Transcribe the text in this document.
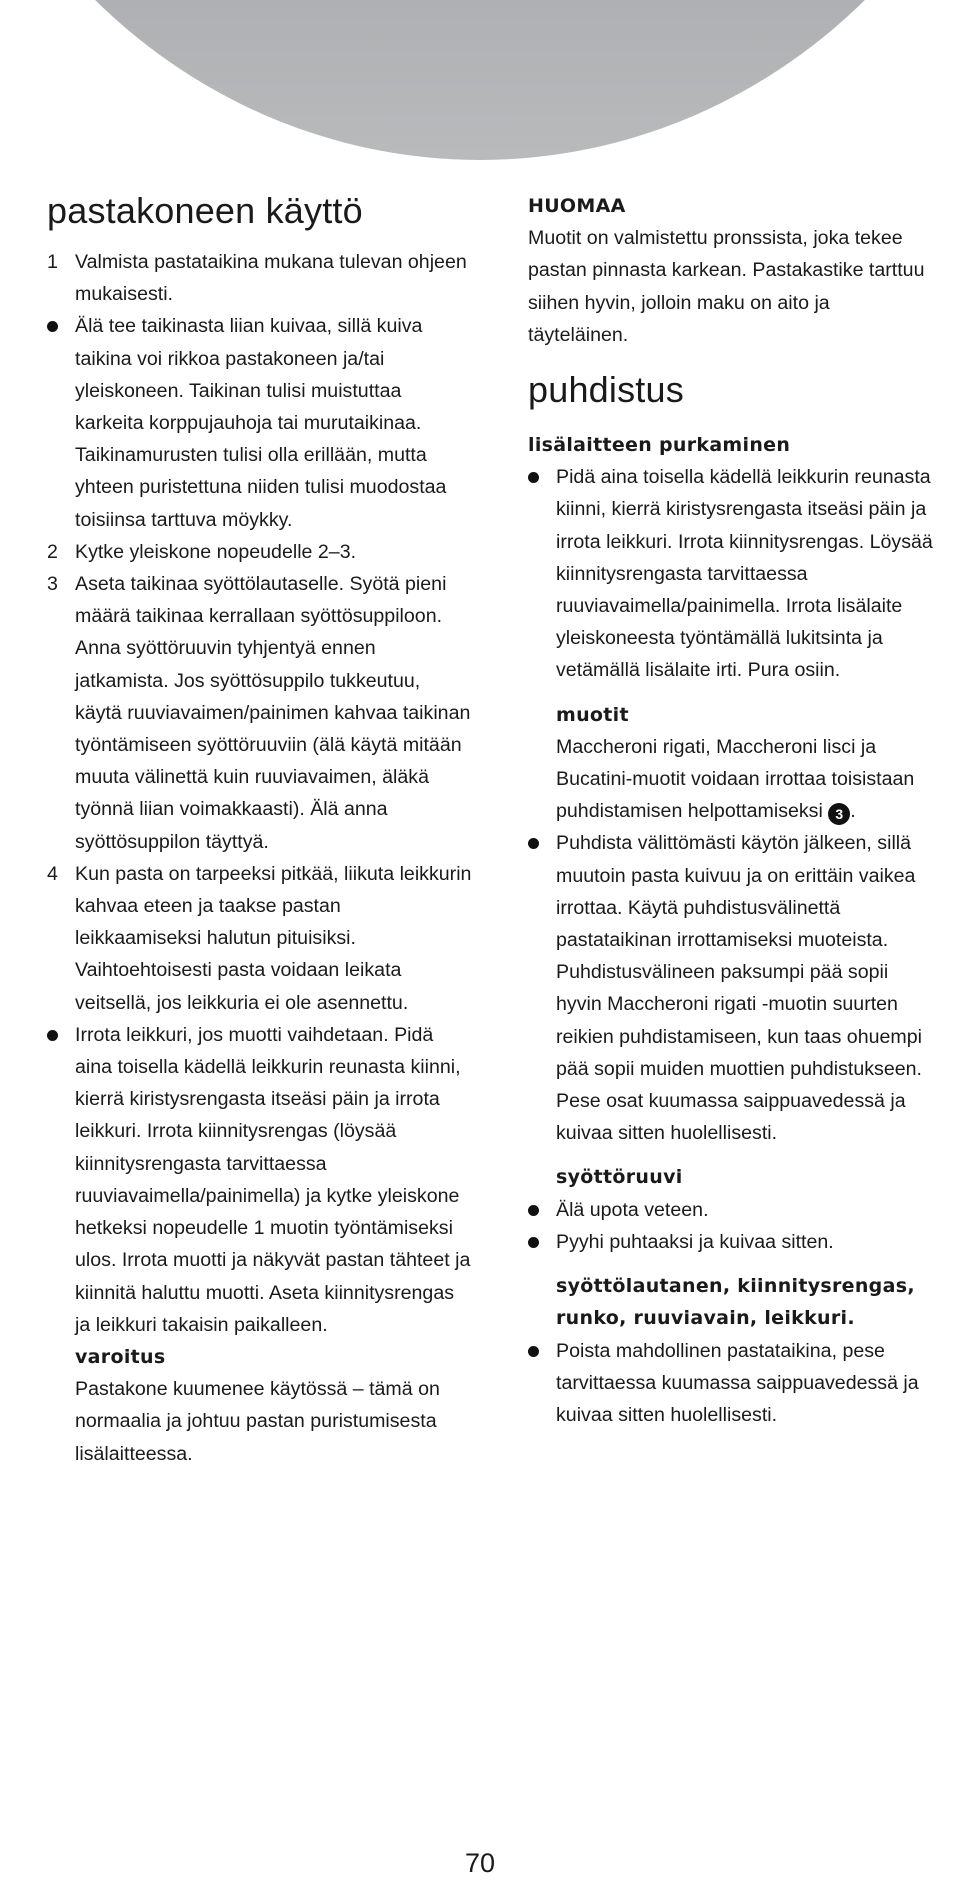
pastakoneen käyttö
1 Valmista pastataikina mukana tulevan ohjeen mukaisesti.
Älä tee taikinasta liian kuivaa, sillä kuiva taikina voi rikkoa pastakoneen ja/tai yleiskoneen. Taikinan tulisi muistuttaa karkeita korppujauhoja tai murutaikinaa. Taikinamurusten tulisi olla erillään, mutta yhteen puristettuna niiden tulisi muodostaa toisiinsa tarttuva möykky.
2 Kytke yleiskone nopeudelle 2–3.
3 Aseta taikinaa syöttölautaselle. Syötä pieni määrä taikinaa kerrallaan syöttösuppiloon. Anna syöttöruuvin tyhjentyä ennen jatkamista. Jos syöttösuppilo tukkeutuu, käytä ruuviavaimen/painimen kahvaa taikinan työntämiseen syöttöruuviin (älä käytä mitään muuta välinettä kuin ruuviavaimen, äläkä työnnä liian voimakkaasti). Älä anna syöttösuppilon täyttyä.
4 Kun pasta on tarpeeksi pitkää, liikuta leikkurin kahvaa eteen ja taakse pastan leikkaamiseksi halutun pituisiksi. Vaihtoehtoisesti pasta voidaan leikata veitsellä, jos leikkuria ei ole asennettu.
Irrota leikkuri, jos muotti vaihdetaan. Pidä aina toisella kädellä leikkurin reunasta kiinni, kierrä kiristysrengasta itseäsi päin ja irrota leikkuri. Irrota kiinnitysrengas (löysää kiinnitysrengasta tarvittaessa ruuviavaimella/painimella) ja kytke yleiskone hetkeksi nopeudelle 1 muotin työntämiseksi ulos. Irrota muotti ja näkyvät pastan tähteet ja kiinnitä haluttu muotti. Aseta kiinnitysrengas ja leikkuri takaisin paikalleen.
varoitus
Pastakone kuumenee käytössä – tämä on normaalia ja johtuu pastan puristumisesta lisälaitteessa.
HUOMAA
Muotit on valmistettu pronssista, joka tekee pastan pinnasta karkean. Pastakastike tarttuu siihen hyvin, jolloin maku on aito ja täyteläinen.
puhdistus
lisälaitteen purkaminen
Pidä aina toisella kädellä leikkurin reunasta kiinni, kierrä kiristysrengasta itseäsi päin ja irrota leikkuri. Irrota kiinnitysrengas. Löysää kiinnitysrengasta tarvittaessa ruuviavaimella/painimella. Irrota lisälaite yleiskoneesta työntämällä lukitsinta ja vetämällä lisälaite irti. Pura osiin.
muotit
Maccheroni rigati, Maccheroni lisci ja Bucatini-muotit voidaan irrottaa toisistaan puhdistamisen helpottamiseksi 3 .
Puhdista välittömästi käytön jälkeen, sillä muutoin pasta kuivuu ja on erittäin vaikea irrottaa. Käytä puhdistusvälinettä pastataikinan irrottamiseksi muoteista. Puhdistusvälineen paksumpi pää sopii hyvin Maccheroni rigati -muotin suurten reikien puhdistamiseen, kun taas ohuempi pää sopii muiden muottien puhdistukseen. Pese osat kuumassa saippuavedessä ja kuivaa sitten huolellisesti.
syöttöruuvi
Älä upota veteen.
Pyyhi puhtaaksi ja kuivaa sitten.
syöttölautanen, kiinnitysrengas, runko, ruuviavain, leikkuri.
Poista mahdollinen pastataikina, pese tarvittaessa kuumassa saippuavedessä ja kuivaa sitten huolellisesti.
70
